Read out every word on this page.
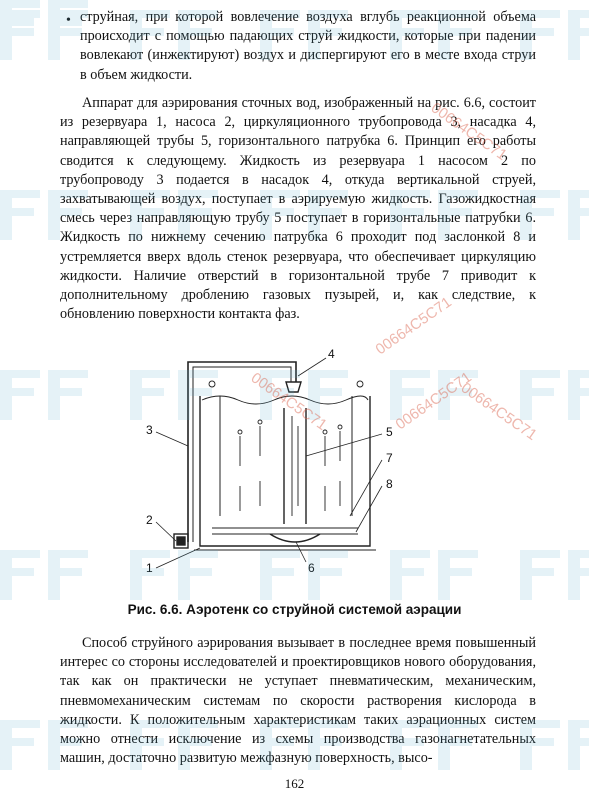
• струйная, при которой вовлечение воздуха вглубь реакционной объема происходит с помощью падающих струй жидкости, которые при падении вовлекают (инжектируют) воздух и диспергируют его в месте входа струи в объем жидкости.
Аппарат для аэрирования сточных вод, изображенный на рис. 6.6, состоит из резервуара 1, насоса 2, циркуляционного трубопровода 3, насадка 4, направляющей трубы 5, горизонтального патрубка 6. Принцип его работы сводится к следующему. Жидкость из резервуара 1 насосом 2 по трубопроводу 3 подается в насадок 4, откуда вертикальной струей, захватывающей воздух, поступает в аэрируемую жидкость. Газожидкостная смесь через направляющую трубу 5 поступает в горизонтальные патрубки 6. Жидкость по нижнему сечению патрубка 6 проходит под заслонкой 8 и устремляется вверх вдоль стенок резервуара, что обеспечивает циркуляцию жидкости. Наличие отверстий в горизонтальной трубе 7 приводит к дополнительному дроблению газовых пузырей, и, как следствие, к обновлению поверхности контакта фаз.
1
2
3
4
5
6
7
8
Рис. 6.6. Аэротенк со струйной системой аэрации
Способ струйного аэрирования вызывает в последнее время повышенный интерес со стороны исследователей и проектировщиков нового оборудования, так как он практически не уступает пневматическим, механическим, пневмомеханическим системам по скорости растворения кислорода в жидкости. К положительным характеристикам таких аэрационных систем можно отнести исключение из схемы производства газонагнетательных машин, достаточно развитую межфазную поверхность, высо-
162
00664C5C71
00664C5C71
00664C5C71
00664C5C71
00664C5C71
